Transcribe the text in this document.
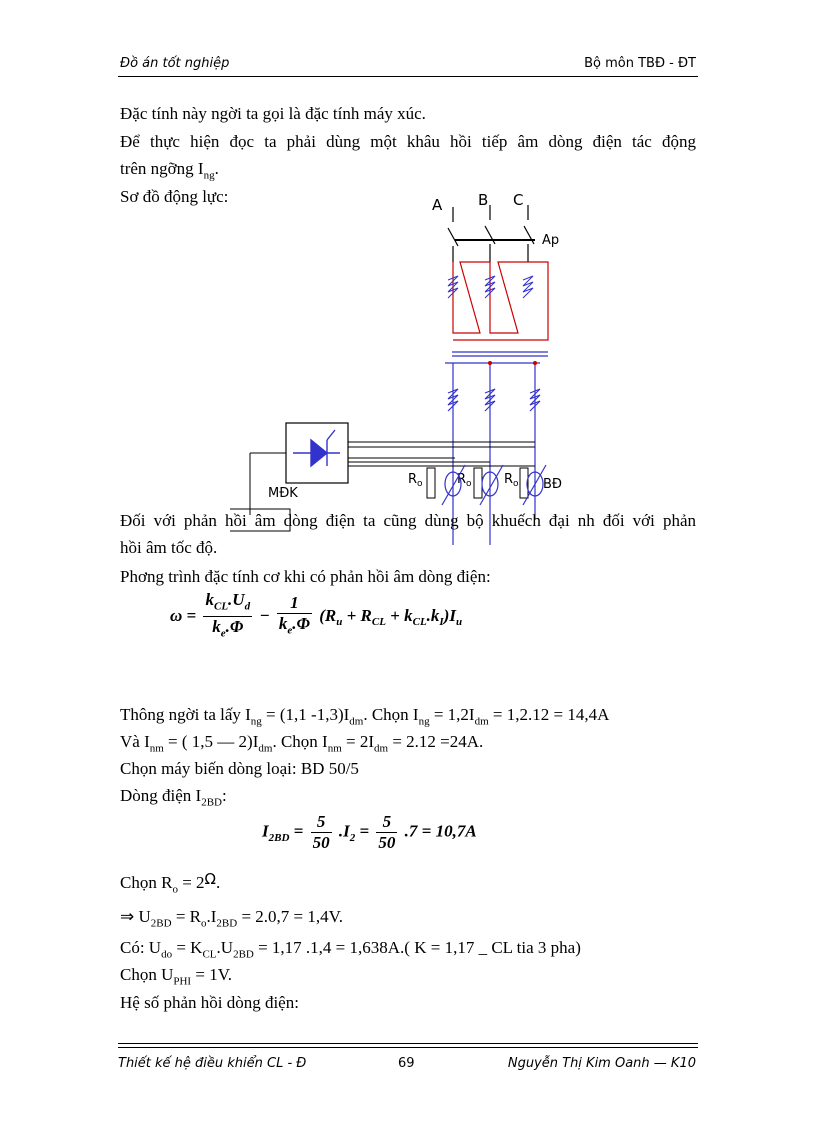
Đồ án tốt nghiệp	Bộ môn TBĐ - ĐT
Đặc tính này ngời ta gọi là đặc tính máy xúc.
Để thực hiện đọc ta phải dùng một khâu hồi tiếp âm dòng điện tác động
trên ngỡng $I_{ng}$.
Sơ đồ động lực:	A B C
Ap
MĐK
$R_o$	$R_o$ $R_o$ BĐ
Đối với phản hồi âm dòng điện ta cũng dùng bộ khuếch đại nh đối với phản
hồi âm tốc độ.
Phơng trình đặc tính cơ khi có phản hồi âm dòng điện:
$\omega = \frac{k_{CL}.U_d}{k_e.\Phi} - \frac{1}{k_e.\Phi} (R_u + R_{CL} + k_{CL}.k_I)I_u$
Thông ngời ta lấy $I_{ng} = (1,1$ $-1,3)I_{dm}$. Chọn $I_{ng} = 1,2I_{dm} = 1,2.12 = 14,4A$
Và $I_{nm}$ = ( 1,5 — $2)I_{dm}$. Chọn $I_{nm} = 2I_{dm} = 2.12 =24A$.
Chọn máy biến dòng loại: BD 50/5
Dòng điện $I_{2BD}$:
$I_{2BD} = \frac{5}{50} .I_2 = \frac{5}{50} .7 = 10,7A$
Chọn $R_o = 2\Omega$.
⇒ $U_{2BD} = R_o.I_{2BD} = 2.0,7 = 1,4V$.
Có: $U_{do} = K_{CL}.U_{2BD} = 1,17$ .1,4 = 1,638A.( K = 1,17 _ CL tia 3 pha)
Chọn $U_{PHI} = 1V$.
Hệ số phản hồi dòng điện:
Thiết kế hệ điều khiển CL - Đ	69	Nguyễn Thị Kim Oanh — K10
